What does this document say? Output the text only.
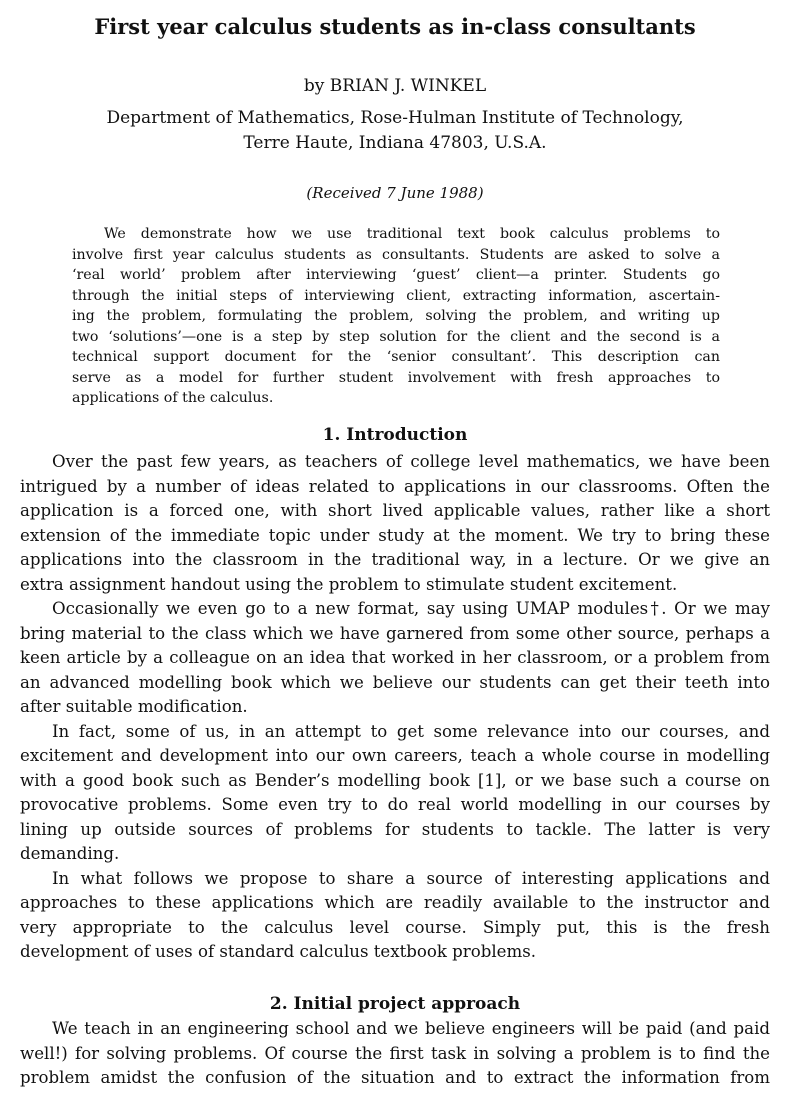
First year calculus students as in-class consultants
by BRIAN J. WINKEL
Department of Mathematics, Rose-Hulman Institute of Technology,
Terre Haute, Indiana 47803, U.S.A.
(Received 7 June 1988)
We demonstrate how we use traditional text book calculus problems to
involve first year calculus students as consultants. Students are asked to solve a
‘real world’ problem after interviewing ‘guest’ client—a printer. Students go
through the initial steps of interviewing client, extracting information, ascertain-
ing the problem, formulating the problem, solving the problem, and writing up
two ‘solutions’—one is a step by step solution for the client and the second is a
technical support document for the ‘senior consultant’. This description can
serve as a model for further student involvement with fresh approaches to
applications of the calculus.
1. Introduction
Over the past few years, as teachers of college level mathematics, we have been
intrigued by a number of ideas related to applications in our classrooms. Often the
application is a forced one, with short lived applicable values, rather like a short
extension of the immediate topic under study at the moment. We try to bring these
applications into the classroom in the traditional way, in a lecture. Or we give an
extra assignment handout using the problem to stimulate student excitement.
Occasionally we even go to a new format, say using UMAP modules†. Or we may
bring material to the class which we have garnered from some other source, perhaps a
keen article by a colleague on an idea that worked in her classroom, or a problem from
an advanced modelling book which we believe our students can get their teeth into
after suitable modification.
In fact, some of us, in an attempt to get some relevance into our courses, and
excitement and development into our own careers, teach a whole course in modelling
with a good book such as Bender’s modelling book [1], or we base such a course on
provocative problems. Some even try to do real world modelling in our courses by
lining up outside sources of problems for students to tackle. The latter is very
demanding.
In what follows we propose to share a source of interesting applications and
approaches to these applications which are readily available to the instructor and
very appropriate to the calculus level course. Simply put, this is the fresh
development of uses of standard calculus textbook problems.
2. Initial project approach
We teach in an engineering school and we believe engineers will be paid (and paid
well!) for solving problems. Of course the first task in solving a problem is to find the
problem amidst the confusion of the situation and to extract the information from
